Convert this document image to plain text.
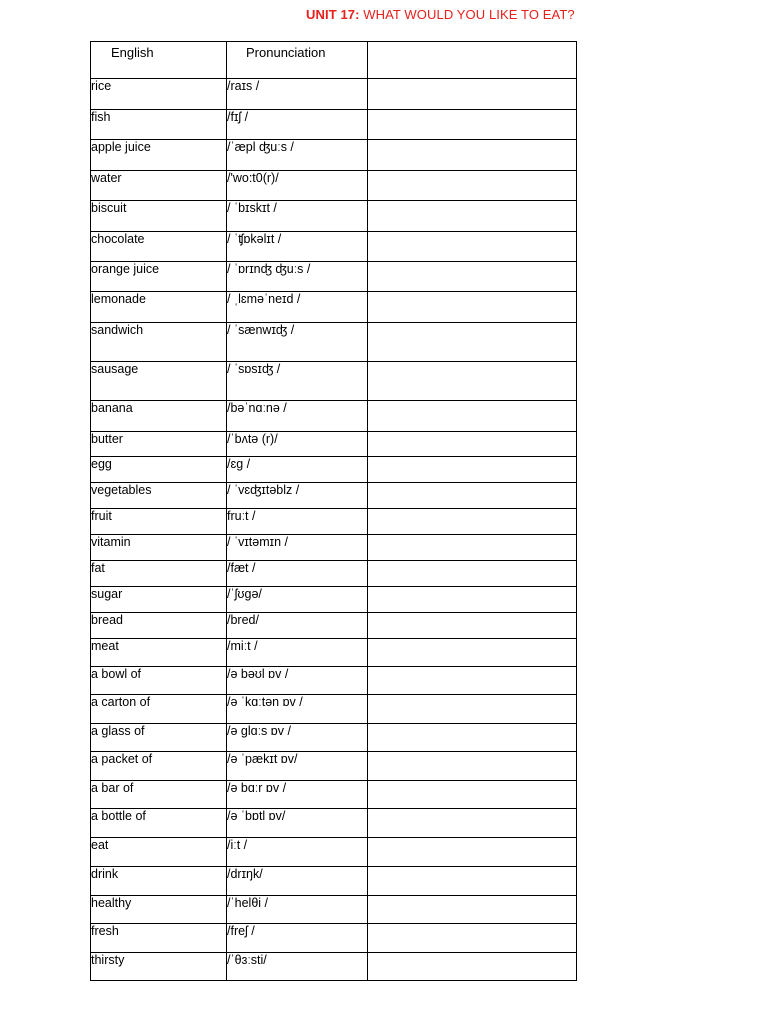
UNIT 17: WHAT WOULD YOU LIKE TO EAT?
English	Pronunciation	
rice	/raɪs /	
fish	/fɪʃ /	
apple juice	/ˈæpl ʤuːs /	
water	/'wo:t0(r)/	
biscuit	/ ˈbɪskɪt /	
chocolate	/ ˈʧɒkəlɪt /	
orange juice	/ ˈɒrɪnʤ ʤuːs /	
lemonade	/ ˌlɛməˈneɪd /	
sandwich	/ ˈsænwɪʤ /	
sausage	/ ˈsɒsɪʤ /	
banana	/bəˈnɑːnə /	
butter	/ˈbʌtə (r)/	
egg	/ɛg /	
vegetables	/ ˈvɛʤɪtəblz /	
fruit	fruːt /	
vitamin	/ ˈvɪtəmɪn /	
fat	/fæt /	
sugar	/ˈʃʊgə/	
bread	/bred/	
meat	/miːt /	
a bowl of	/ə bəʊl ɒv /	
a carton of	/ə ˈkɑːtən ɒv /	
a glass of	/ə glɑːs ɒv /	
a packet of	/ə ˈpækɪt ɒv/	
a bar of	/ə bɑːr ɒv /	
a bottle of	/ə ˈbɒtl ɒv/	
eat	/iːt /	
drink	/drɪŋk/	
healthy	/ˈhelθi /	
fresh	/freʃ /	
thirsty	/ˈθɜːsti/	
